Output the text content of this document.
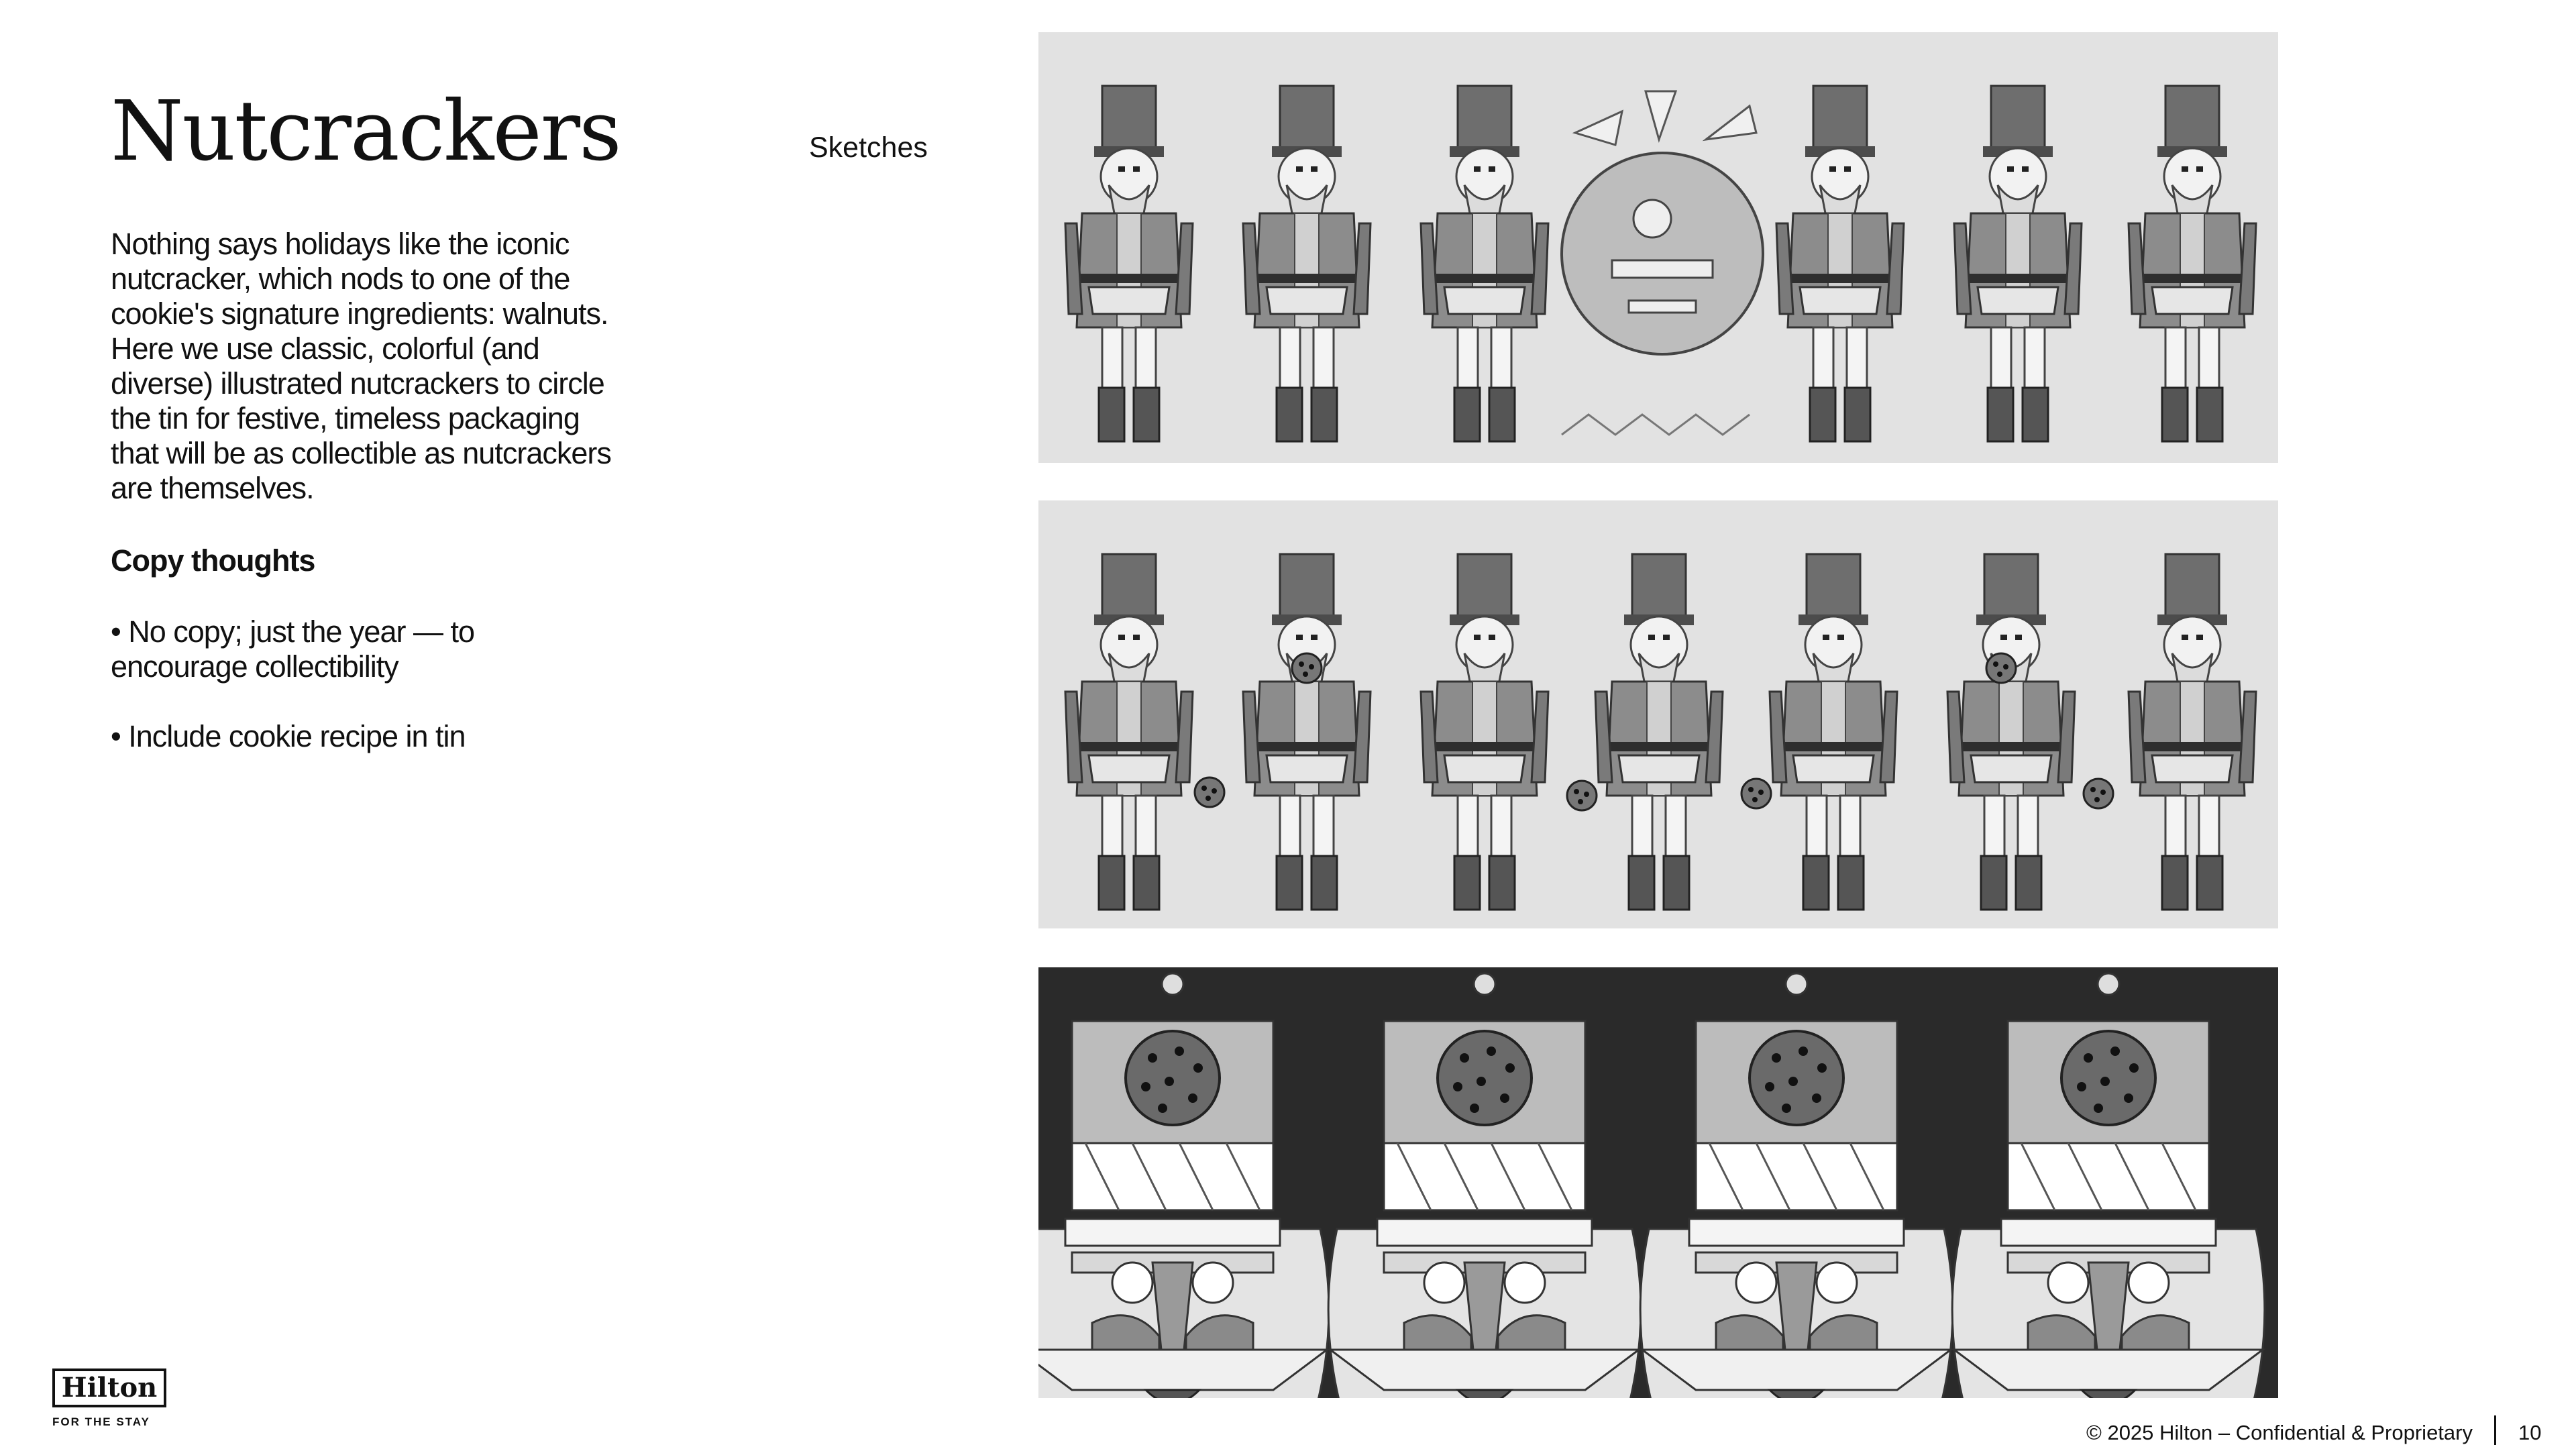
Nutcrackers

Nothing says holidays like the iconic nutcracker, which nods to one of the cookie's signature ingredients: walnuts. Here we use classic, colorful (and diverse) illustrated nutcrackers to circle the tin for festive, timeless packaging that will be as collectible as nutcrackers are themselves.

Copy thoughts

• No copy; just the year — to encourage collectibility

• Include cookie recipe in tin

Sketches
Hilton
FOR THE STAY	© 2025 Hilton – Confidential & Proprietary 10
